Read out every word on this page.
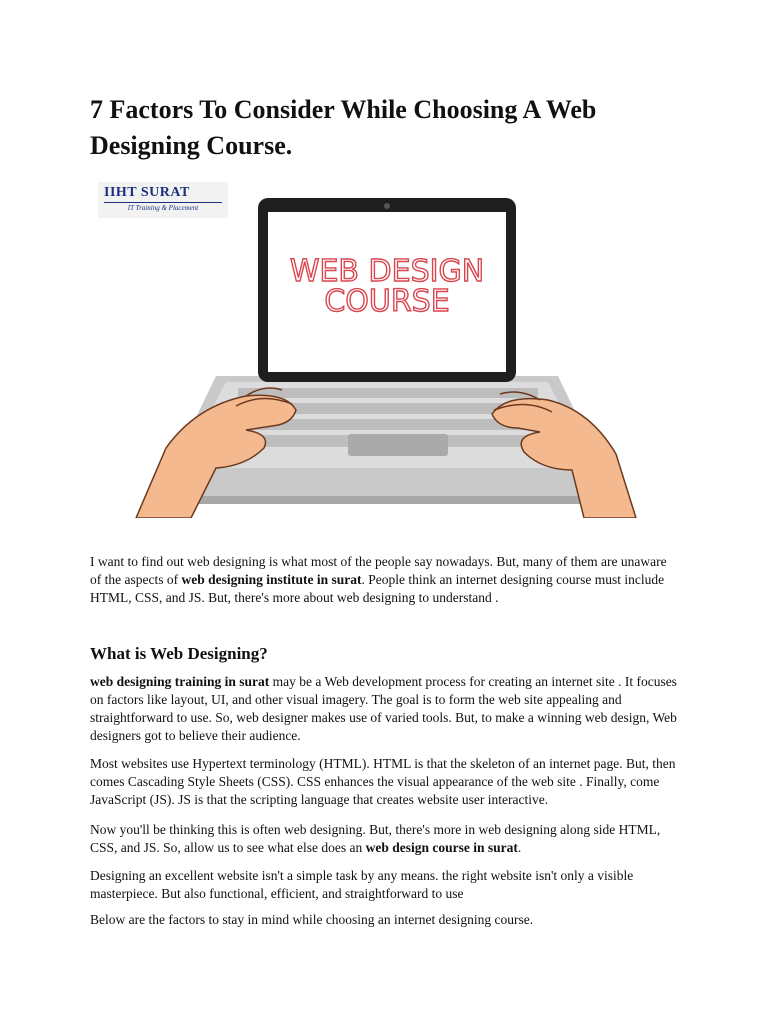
7 Factors To Consider While Choosing A Web Designing Course.
WEB DESIGN
COURSE
IIHT SURAT
IT Training & Placement

I want to find out web designing is what most of the people say nowadays. But, many of them are unaware of the aspects of web designing institute in surat. People think an internet designing course must include HTML, CSS, and JS. But, there's more about web designing to understand .

What is Web Designing?

web designing training in surat may be a Web development process for creating an internet site . It focuses on factors like layout, UI, and other visual imagery. The goal is to form the web site appealing and straightforward to use. So, web designer makes use of varied tools. But, to make a winning web design, Web designers got to believe their audience.

Most websites use Hypertext terminology (HTML). HTML is that the skeleton of an internet page. But, then comes Cascading Style Sheets (CSS). CSS enhances the visual appearance of the web site . Finally, come JavaScript (JS). JS is that the scripting language that creates website user interactive.

Now you'll be thinking this is often web designing. But, there's more in web designing along side HTML, CSS, and JS. So, allow us to see what else does an web design course in surat.

Designing an excellent website isn't a simple task by any means. the right website isn't only a visible masterpiece. But also functional, efficient, and straightforward to use

Below are the factors to stay in mind while choosing an internet designing course.
